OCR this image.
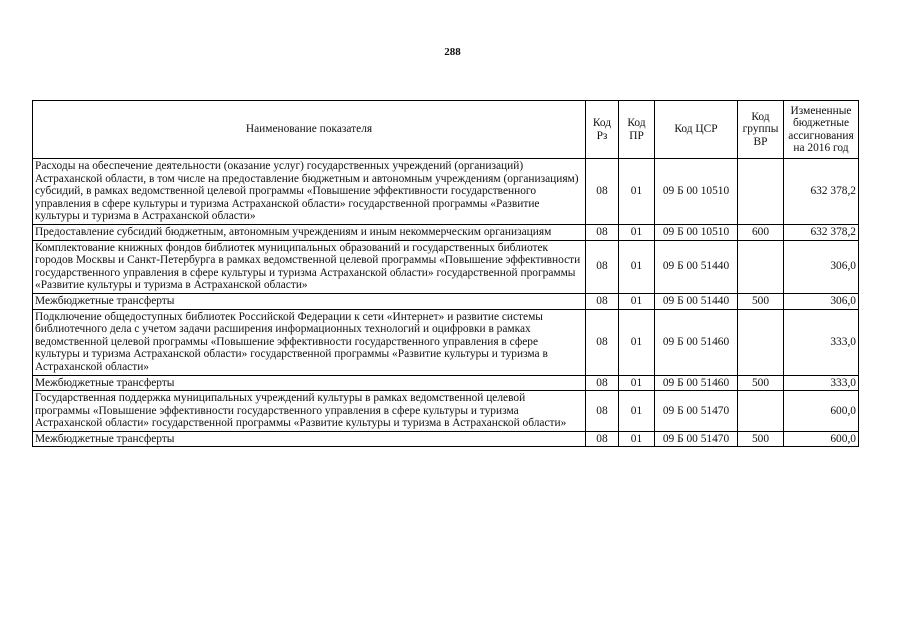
288
Наименование показателя	Код Рз	Код ПР	Код ЦСР	Код группы ВР	Измененные бюджетные ассигнования на 2016 год
Расходы на обеспечение деятельности (оказание услуг) государственных учреждений (организаций) Астраханской области, в том числе на предоставление бюджетным и автономным учреждениям (организациям) субсидий, в рамках ведомственной целевой программы «Повышение эффективности государственного управления в сфере культуры и туризма Астраханской области» государственной программы «Развитие культуры и туризма в Астраханской области»	08	01	09 Б 00 10510		632 378,2
Предоставление субсидий бюджетным, автономным учреждениям и иным некоммерческим организациям	08	01	09 Б 00 10510	600	632 378,2
Комплектование книжных фондов библиотек муниципальных образований и государственных библиотек городов Москвы и Санкт-Петербурга в рамках ведомственной целевой программы «Повышение эффективности государственного управления в сфере культуры и туризма Астраханской области» государственной программы «Развитие культуры и туризма в Астраханской области»	08	01	09 Б 00 51440		306,0
Межбюджетные трансферты	08	01	09 Б 00 51440	500	306,0
Подключение общедоступных библиотек Российской Федерации к сети «Интернет» и развитие системы библиотечного дела с учетом задачи расширения информационных технологий и оцифровки в рамках ведомственной целевой программы «Повышение эффективности государственного управления в сфере культуры и туризма Астраханской области» государственной программы «Развитие культуры и туризма в Астраханской области»	08	01	09 Б 00 51460		333,0
Межбюджетные трансферты	08	01	09 Б 00 51460	500	333,0
Государственная поддержка муниципальных учреждений культуры в рамках ведомственной целевой программы «Повышение эффективности государственного управления в сфере культуры и туризма Астраханской области» государственной программы «Развитие культуры и туризма в Астраханской области»	08	01	09 Б 00 51470		600,0
Межбюджетные трансферты	08	01	09 Б 00 51470	500	600,0
